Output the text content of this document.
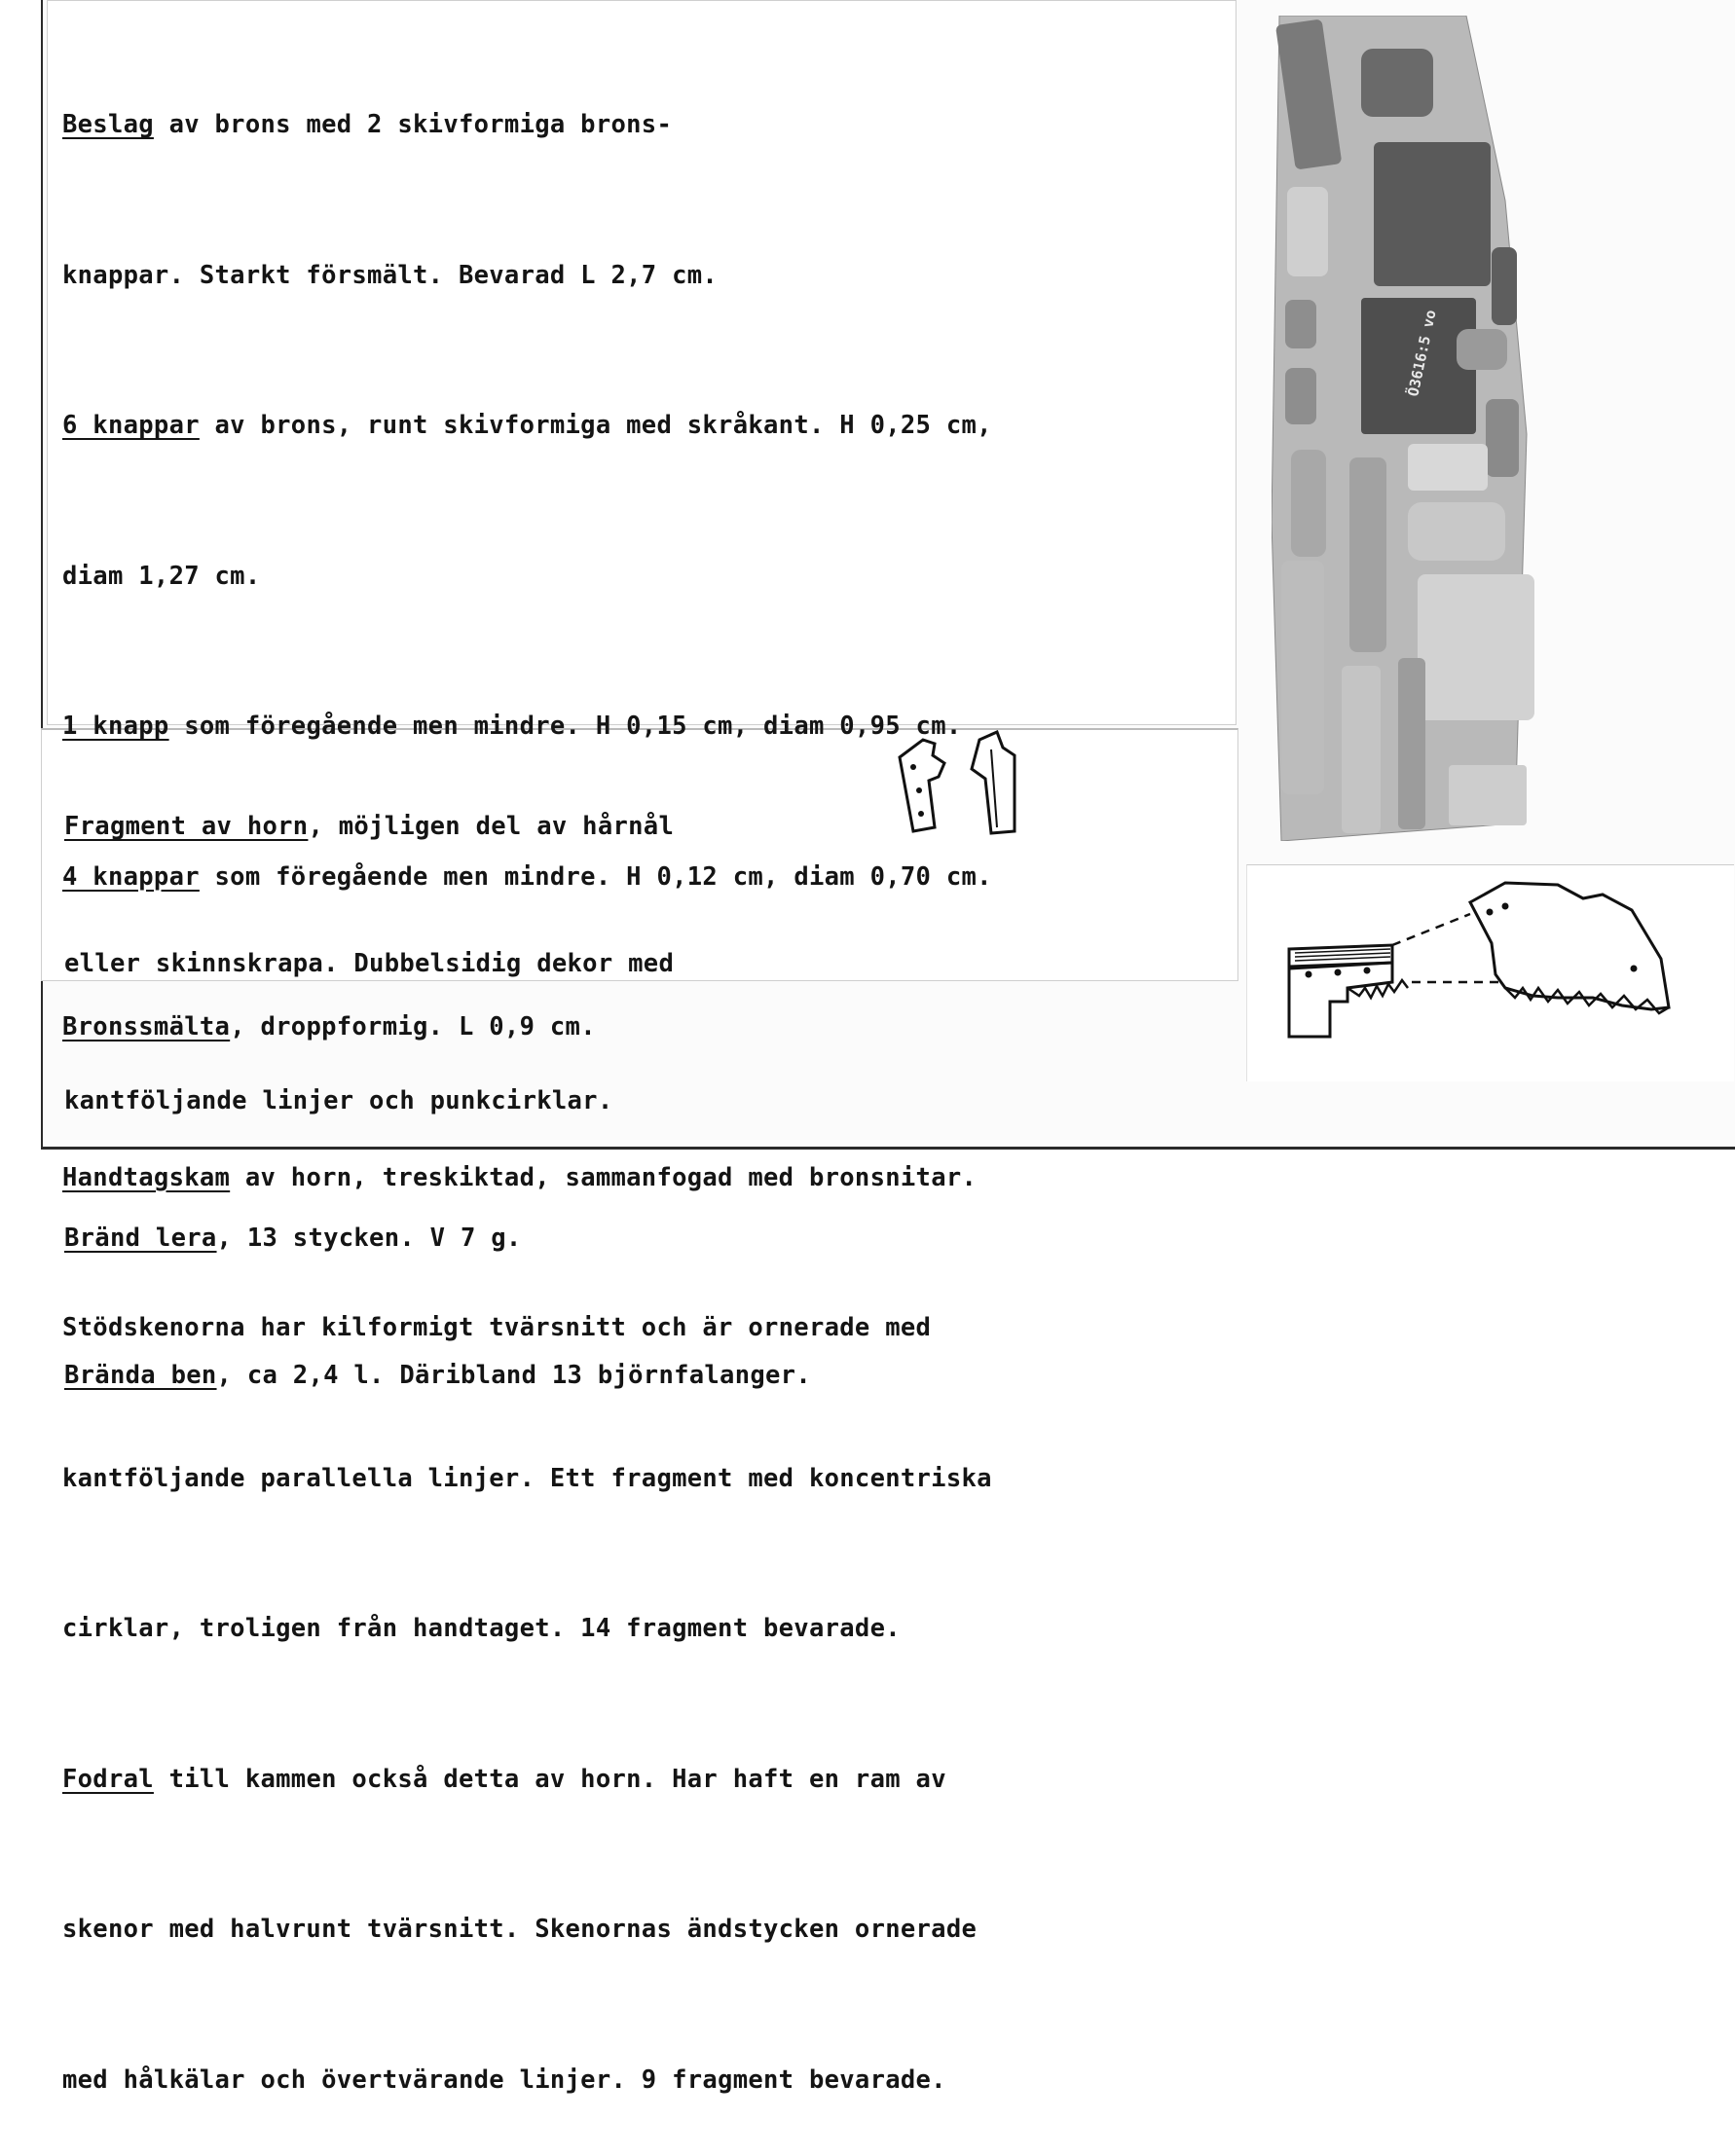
Beslag av brons med 2 skivformiga brons-

knappar. Starkt försmält. Bevarad L 2,7 cm.

6 knappar av brons, runt skivformiga med skråkant. H 0,25 cm,

diam 1,27 cm.

1 knapp som föregående men mindre. H 0,15 cm, diam 0,95 cm.

4 knappar som föregående men mindre. H 0,12 cm, diam 0,70 cm.

Bronssmälta, droppformig. L 0,9 cm.

Handtagskam av horn, treskiktad, sammanfogad med bronsnitar.

Stödskenorna har kilformigt tvärsnitt och är ornerade med

kantföljande parallella linjer. Ett fragment med koncentriska

cirklar, troligen från handtaget. 14 fragment bevarade.

Fodral till kammen också detta av horn. Har haft en ram av

skenor med halvrunt tvärsnitt. Skenornas ändstycken ornerade

med hålkälar och övertvärande linjer. 9 fragment bevarade.

Fragment av horn, möjligen del av hårnål

eller skinnskrapa. Dubbelsidig dekor med

kantföljande linjer och punkcirklar.

Bränd lera, 13 stycken. V 7 g.

Brända ben, ca 2,4 l. Däribland 13 björnfalanger.

Ö3616:5 vo
